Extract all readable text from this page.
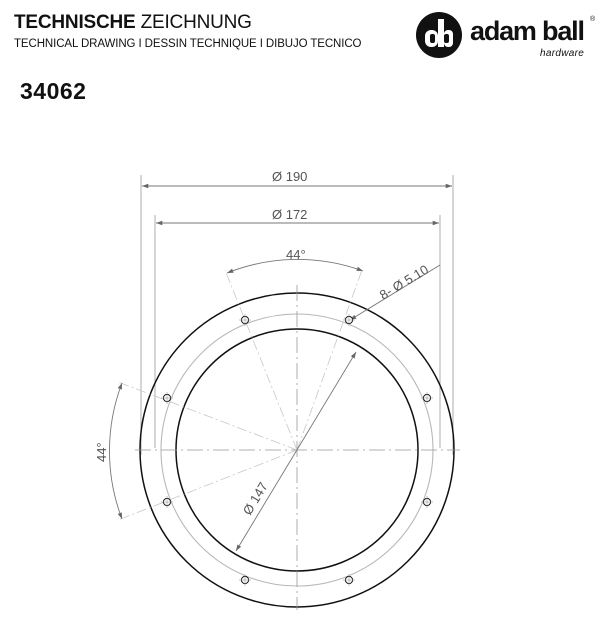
TECHNISCHE ZEICHNUNG
TECHNICAL DRAWING I DESSIN TECHNIQUE I DIBUJO TECNICO
34062
adam ball ®
hardware
Ø 190
Ø 172
44°
44°
8- Ø 5.10
Ø 147
